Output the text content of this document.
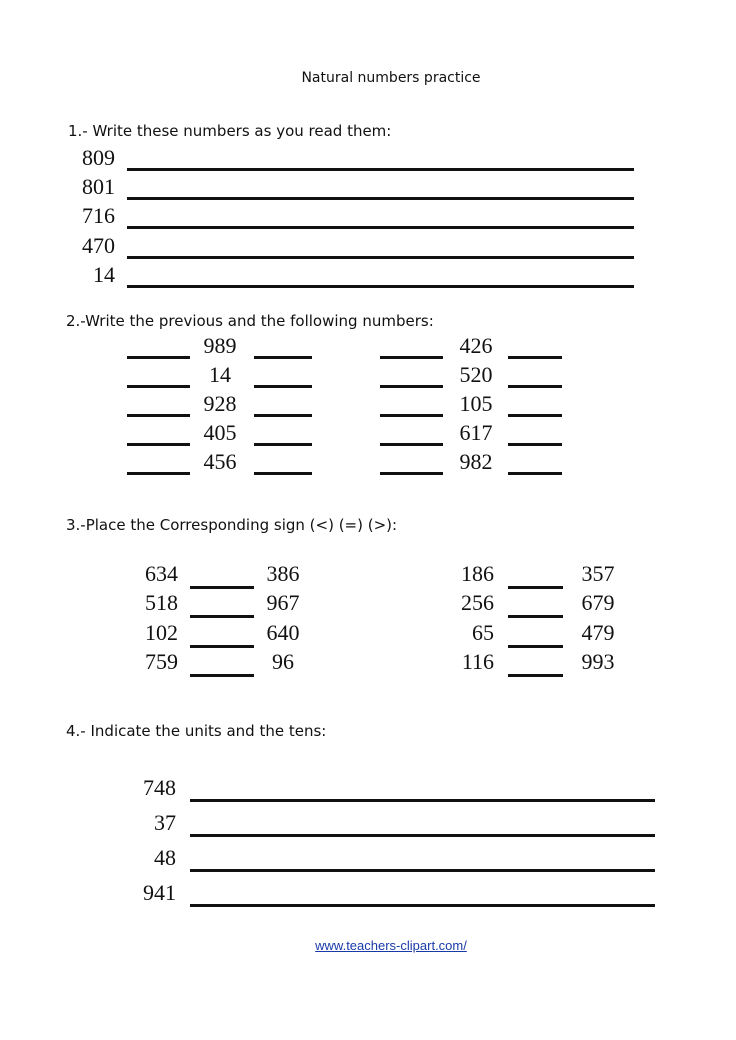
Natural numbers practice
1.- Write these numbers as you read them:
809
801
716
470
14
2.-Write the previous and the following numbers:
989
14
928
405
456
426
520
105
617
982
3.-Place the Corresponding sign (<) (=) (>):
634	386
518	967
102	640
759	96
186	357
256	679
65	479
116	993
4.- Indicate the units and the tens:
748
37
48
941
www.teachers-clipart.com/
